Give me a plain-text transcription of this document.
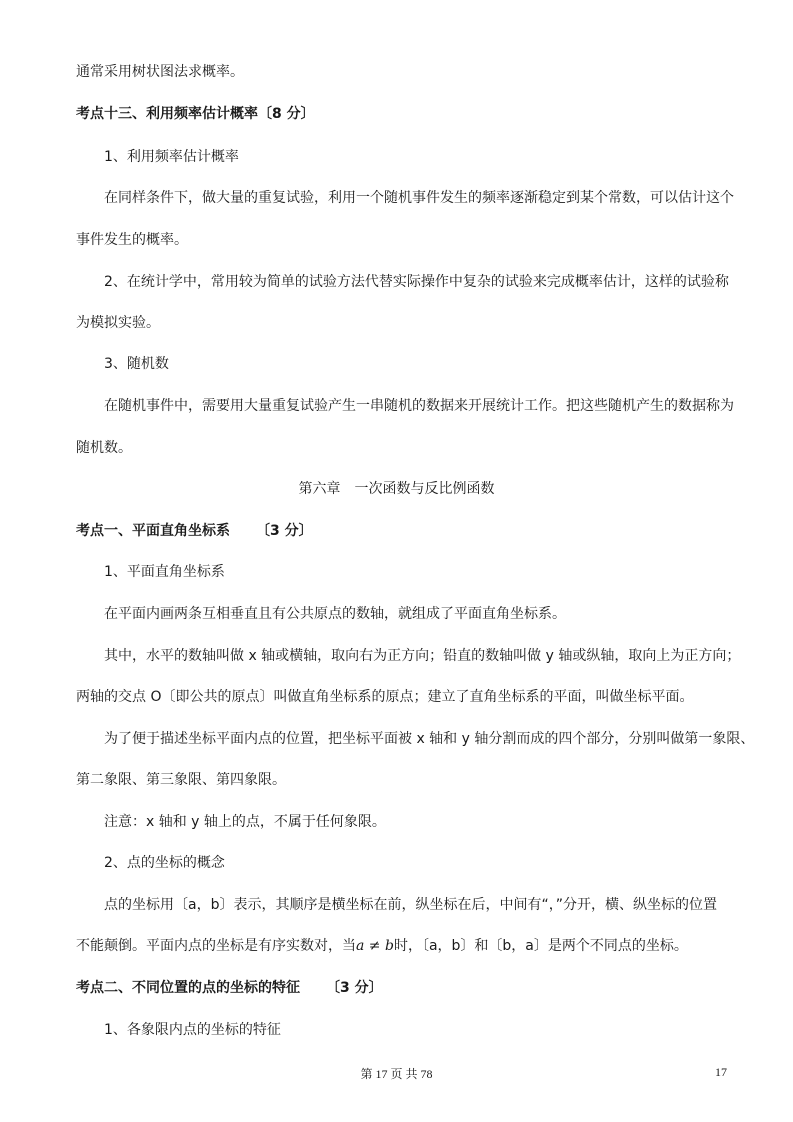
通常采用树状图法求概率。
考点十三、利用频率估计概率〔8 分〕
1、利用频率估计概率
在同样条件下，做大量的重复试验，利用一个随机事件发生的频率逐渐稳定到某个常数，可以估计这个
事件发生的概率。
2、在统计学中，常用较为简单的试验方法代替实际操作中复杂的试验来完成概率估计，这样的试验称
为模拟实验。
3、随机数
在随机事件中，需要用大量重复试验产生一串随机的数据来开展统计工作。把这些随机产生的数据称为
随机数。
第六章　一次函数与反比例函数
考点一、平面直角坐标系 〔3 分〕
1、平面直角坐标系
在平面内画两条互相垂直且有公共原点的数轴，就组成了平面直角坐标系。
其中，水平的数轴叫做 x 轴或横轴，取向右为正方向；铅直的数轴叫做 y 轴或纵轴，取向上为正方向；
两轴的交点 O〔即公共的原点〕叫做直角坐标系的原点；建立了直角坐标系的平面，叫做坐标平面。
为了便于描述坐标平面内点的位置，把坐标平面被 x 轴和 y 轴分割而成的四个部分，分别叫做第一象限、
第二象限、第三象限、第四象限。
注意：x 轴和 y 轴上的点，不属于任何象限。
2、点的坐标的概念
点的坐标用〔a，b〕表示，其顺序是横坐标在前，纵坐标在后，中间有“，”分开，横、纵坐标的位置
不能颠倒。平面内点的坐标是有序实数对，当a ≠ b时，〔a，b〕和〔b，a〕是两个不同点的坐标。
考点二、不同位置的点的坐标的特征 〔3 分〕
1、各象限内点的坐标的特征
第 17 页 共 78	17
